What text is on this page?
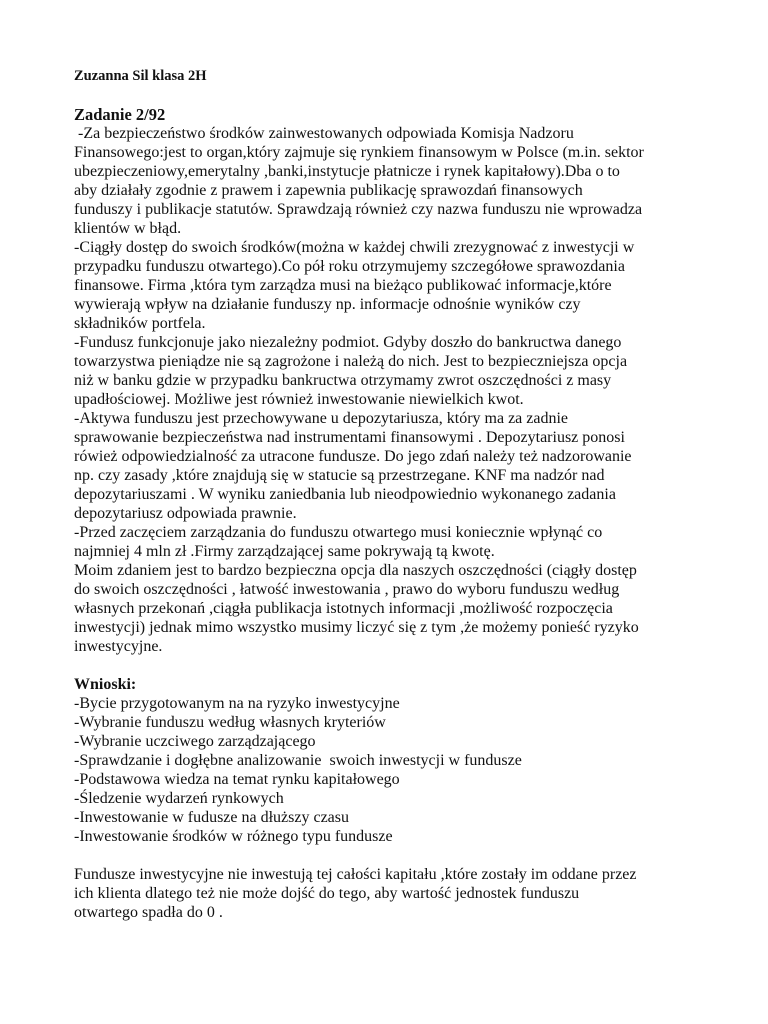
Zuzanna Sil klasa 2H

Zadanie 2/92

-Za bezpieczeństwo środków zainwestowanych odpowiada Komisja Nadzoru
Finansowego:jest to organ,który zajmuje się rynkiem finansowym w Polsce (m.in. sektor
ubezpieczeniowy,emerytalny ,banki,instytucje płatnicze i rynek kapitałowy).Dba o to
aby działały zgodnie z prawem i zapewnia publikację sprawozdań finansowych
funduszy i publikacje statutów. Sprawdzają również czy nazwa funduszu nie wprowadza
klientów w błąd.
-Ciągły dostęp do swoich środków(można w każdej chwili zrezygnować z inwestycji w
przypadku funduszu otwartego).Co pół roku otrzymujemy szczegółowe sprawozdania
finansowe. Firma ,która tym zarządza musi na bieżąco publikować informacje,które
wywierają wpływ na działanie funduszy np. informacje odnośnie wyników czy
składników portfela.
-Fundusz funkcjonuje jako niezależny podmiot. Gdyby doszło do bankructwa danego
towarzystwa pieniądze nie są zagrożone i należą do nich. Jest to bezpieczniejsza opcja
niż w banku gdzie w przypadku bankructwa otrzymamy zwrot oszczędności z masy
upadłościowej. Możliwe jest również inwestowanie niewielkich kwot.
-Aktywa funduszu jest przechowywane u depozytariusza, który ma za zadnie
sprawowanie bezpieczeństwa nad instrumentami finansowymi . Depozytariusz ponosi
rówież odpowiedzialność za utracone fundusze. Do jego zdań należy też nadzorowanie
np. czy zasady ,które znajdują się w statucie są przestrzegane. KNF ma nadzór nad
depozytariuszami . W wyniku zaniedbania lub nieodpowiednio wykonanego zadania
depozytariusz odpowiada prawnie.
-Przed zaczęciem zarządzania do funduszu otwartego musi koniecznie wpłynąć co
najmniej 4 mln zł .Firmy zarządzającej same pokrywają tą kwotę.
Moim zdaniem jest to bardzo bezpieczna opcja dla naszych oszczędności (ciągły dostęp
do swoich oszczędności , łatwość inwestowania , prawo do wyboru funduszu według
własnych przekonań ,ciągła publikacja istotnych informacji ,możliwość rozpoczęcia
inwestycji) jednak mimo wszystko musimy liczyć się z tym ,że możemy ponieść ryzyko
inwestycyjne.

Wnioski:

-Bycie przygotowanym na na ryzyko inwestycyjne
-Wybranie funduszu według własnych kryteriów
-Wybranie uczciwego zarządzającego
-Sprawdzanie i dogłębne analizowanie  swoich inwestycji w fundusze
-Podstawowa wiedza na temat rynku kapitałowego
-Śledzenie wydarzeń rynkowych
-Inwestowanie w fudusze na dłuższy czasu
-Inwestowanie środków w różnego typu fundusze
Fundusze inwestycyjne nie inwestują tej całości kapitału ,które zostały im oddane przez
ich klienta dlatego też nie może dojść do tego, aby wartość jednostek funduszu
otwartego spadła do 0 .
